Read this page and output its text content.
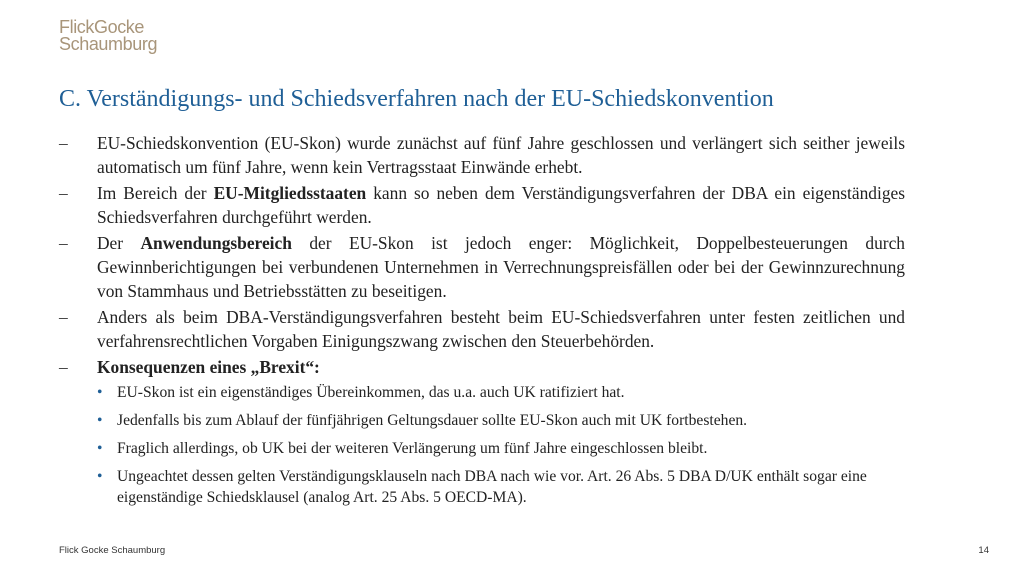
FlickGocke
Schaumburg
C. Verständigungs- und Schiedsverfahren nach der EU-Schiedskonvention
– EU-Schiedskonvention (EU-Skon) wurde zunächst auf fünf Jahre geschlossen und verlängert sich seither jeweils automatisch um fünf Jahre, wenn kein Vertragsstaat Einwände erhebt.
– Im Bereich der EU-Mitgliedsstaaten kann so neben dem Verständigungsverfahren der DBA ein eigenständiges Schiedsverfahren durchgeführt werden.
– Der Anwendungsbereich der EU-Skon ist jedoch enger: Möglichkeit, Doppelbesteuerungen durch Gewinnberichtigungen bei verbundenen Unternehmen in Verrechnungspreisfällen oder bei der Gewinnzurechnung von Stammhaus und Betriebsstätten zu beseitigen.
– Anders als beim DBA-Verständigungsverfahren besteht beim EU-Schiedsverfahren unter festen zeitlichen und verfahrensrechtlichen Vorgaben Einigungszwang zwischen den Steuerbehörden.
– Konsequenzen eines „Brexit“:
• EU-Skon ist ein eigenständiges Übereinkommen, das u.a. auch UK ratifiziert hat.
• Jedenfalls bis zum Ablauf der fünfjährigen Geltungsdauer sollte EU-Skon auch mit UK fortbestehen.
• Fraglich allerdings, ob UK bei der weiteren Verlängerung um fünf Jahre eingeschlossen bleibt.
• Ungeachtet dessen gelten Verständigungsklauseln nach DBA nach wie vor. Art. 26 Abs. 5 DBA D/UK enthält sogar eine eigenständige Schiedsklausel (analog Art. 25 Abs. 5 OECD-MA).
Flick Gocke Schaumburg	14
